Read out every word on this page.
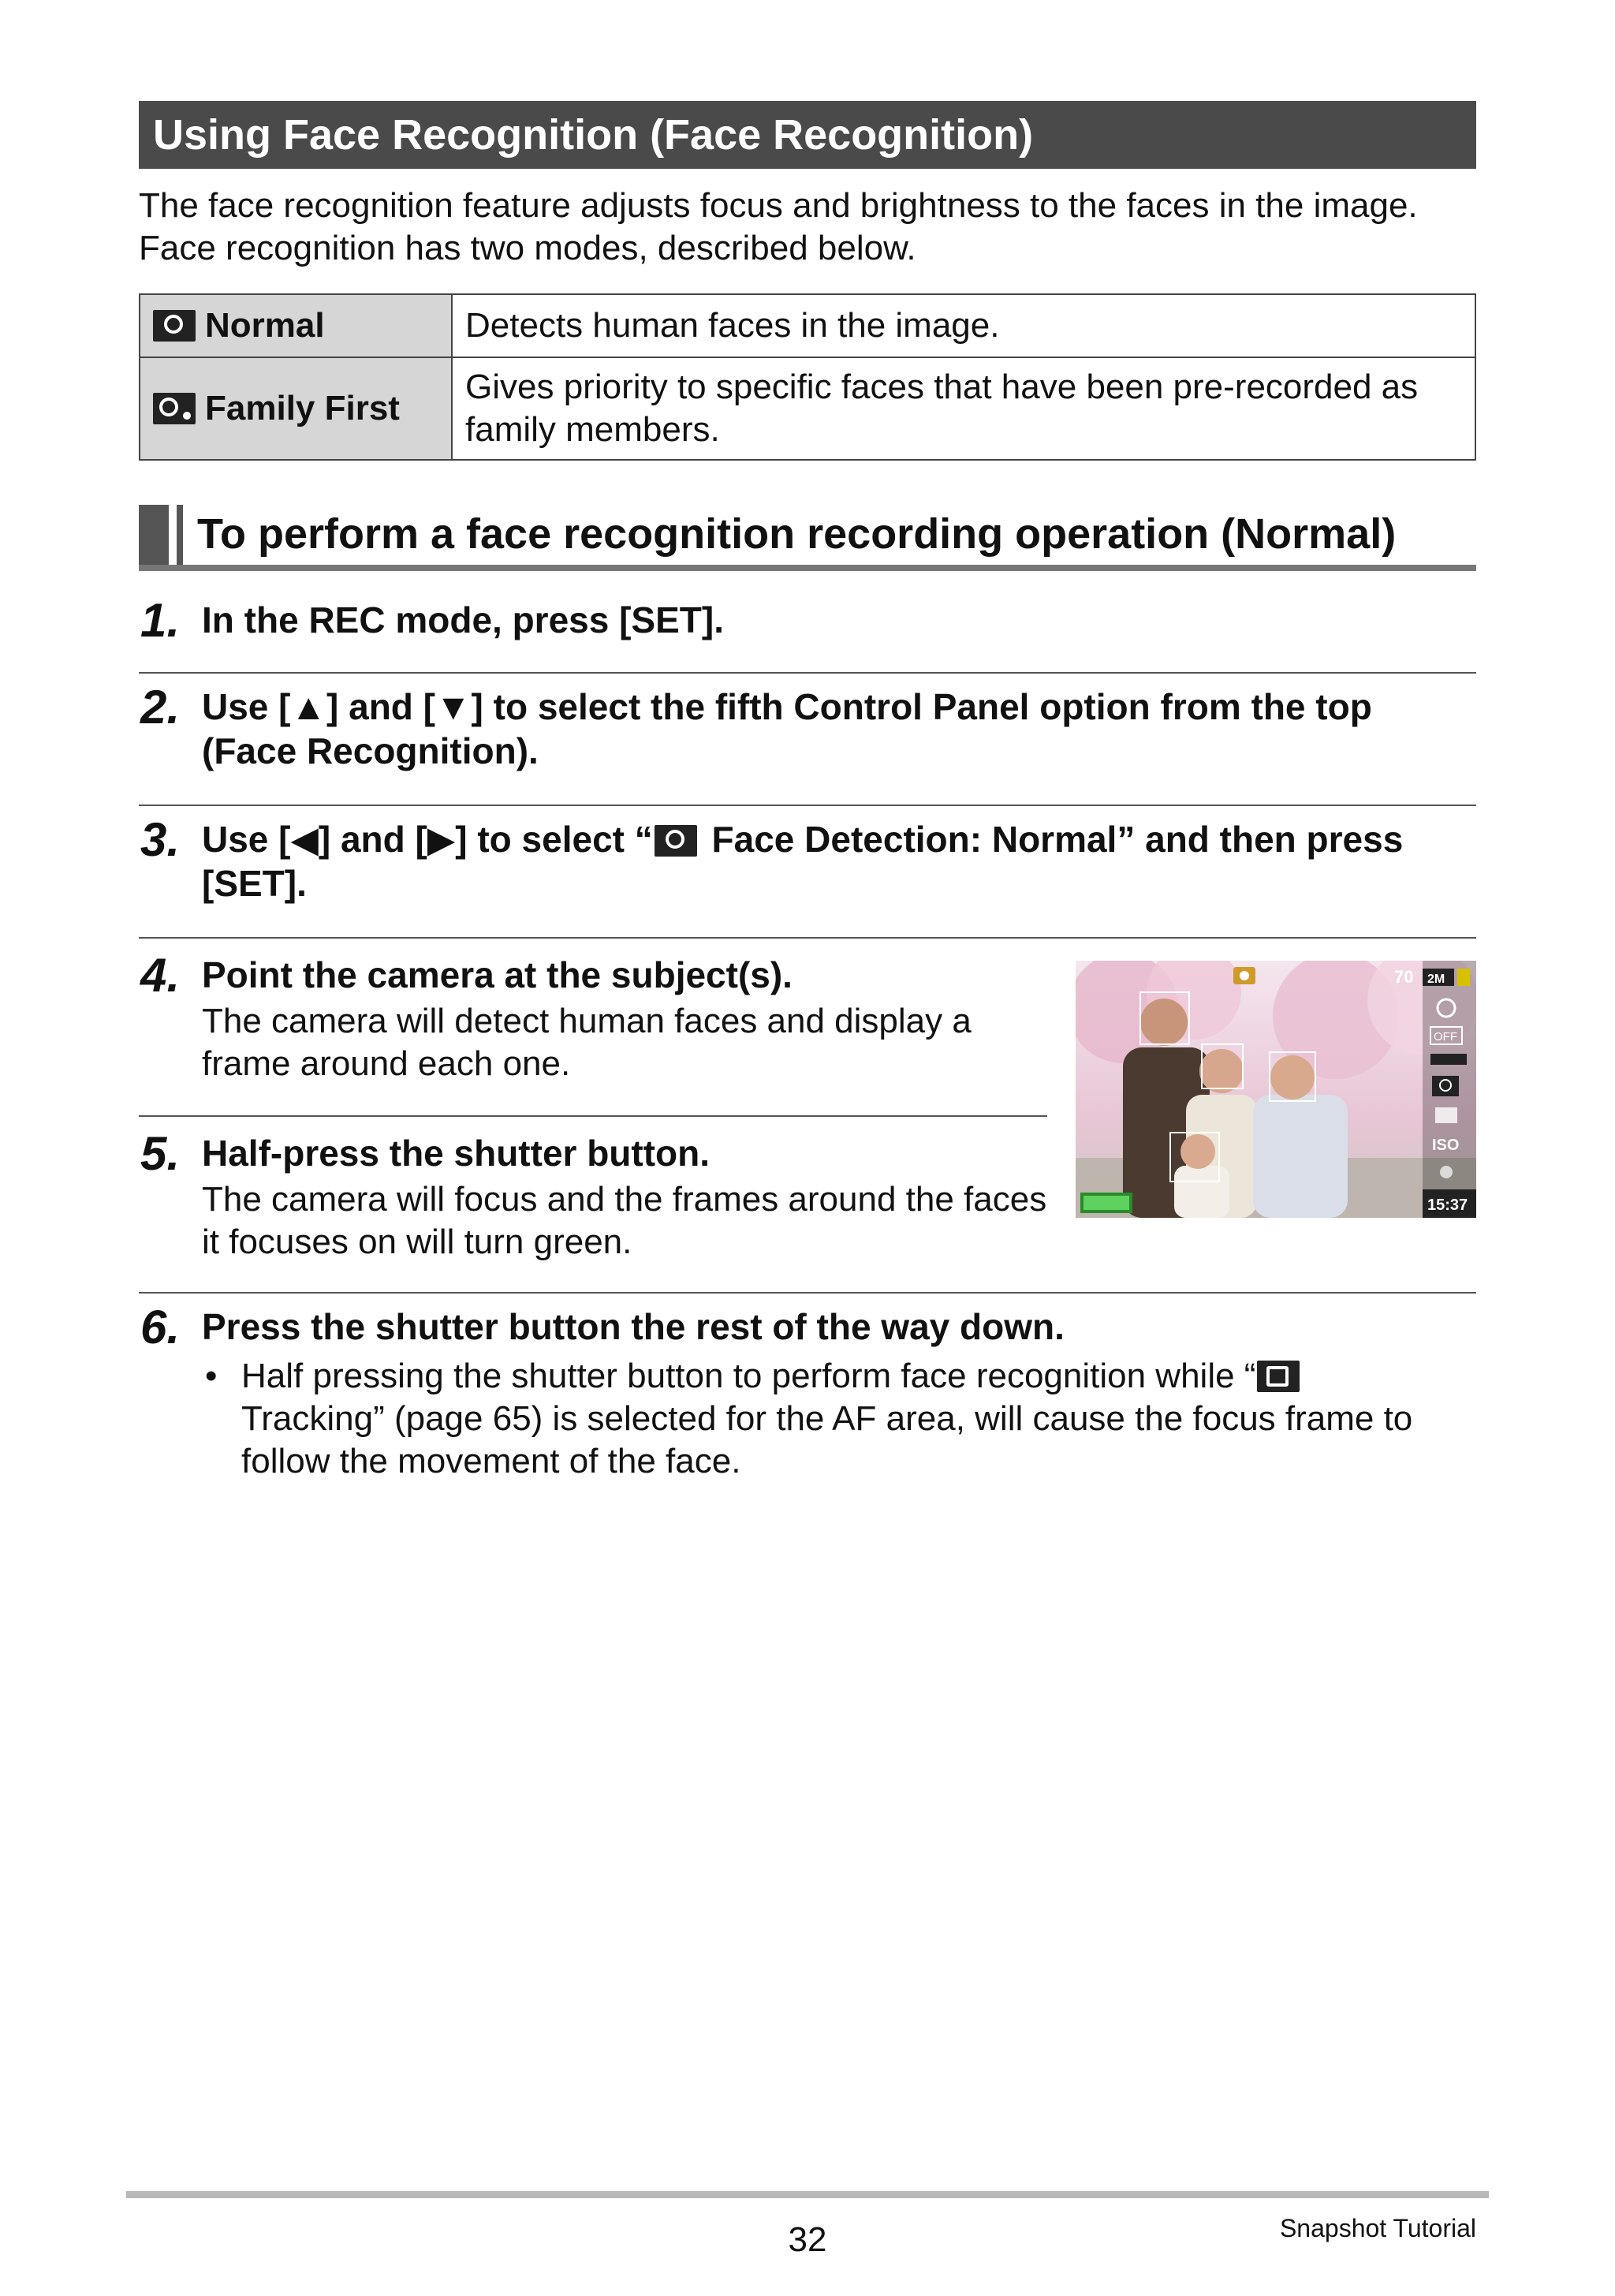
Using Face Recognition (Face Recognition)
The face recognition feature adjusts focus and brightness to the faces in the image.
Face recognition has two modes, described below.
Normal	Detects human faces in the image.

Family First	Gives priority to specific faces that have been pre-recorded as family members.
To perform a face recognition recording operation (Normal)
1. In the REC mode, press [SET].
2. Use [▲] and [▼] to select the fifth Control Panel option from the top (Face Recognition).
3. Use [◀] and [▶] to select “
Face Detection: Normal” and then press [SET].
4. Point the camera at the subject(s).
The camera will detect human faces and display a frame around each one.
5. Half-press the shutter button.
The camera will focus and the frames around the faces it focuses on will turn green.
70 2M
OFF
ISO
15:37
6. Press the shutter button the rest of the way down.
• Half pressing the shutter button to perform face recognition while “

Tracking” (page 65) is selected for the AF area, will cause the focus frame to follow the movement of the face.
32	Snapshot Tutorial
